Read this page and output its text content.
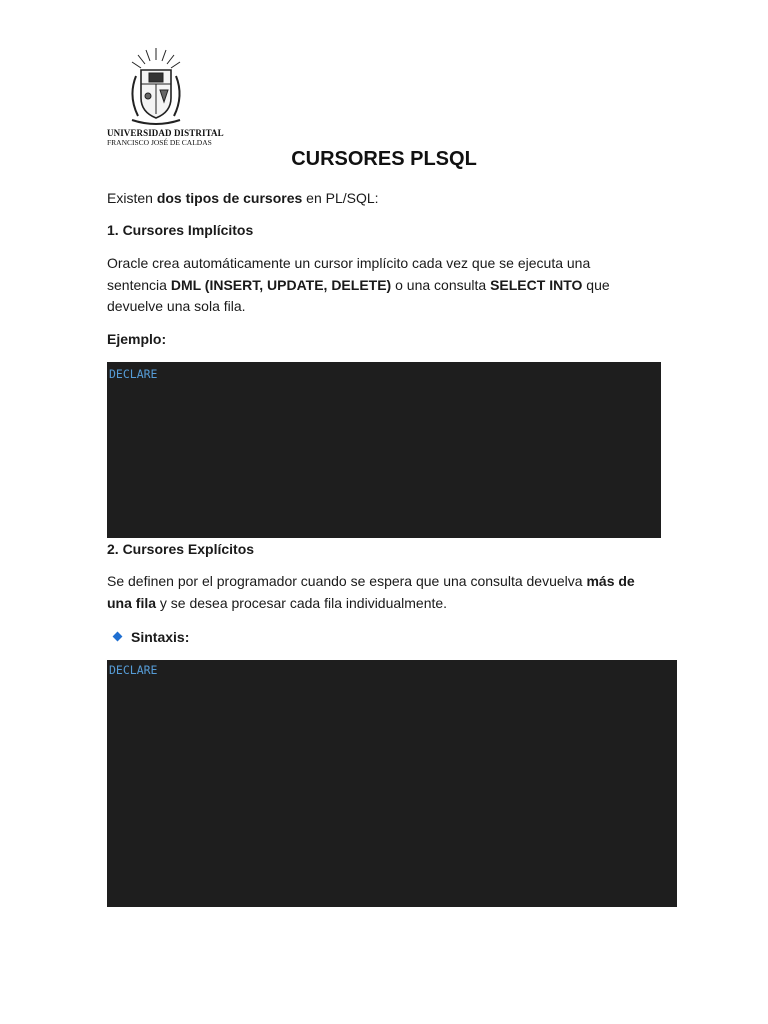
UNIVERSIDAD DISTRITAL
FRANCISCO JOSÉ DE CALDAS
CURSORES PLSQL
Existen dos tipos de cursores en PL/SQL:
1. Cursores Implícitos
Oracle crea automáticamente un cursor implícito cada vez que se ejecuta una sentencia DML (INSERT, UPDATE, DELETE) o una consulta SELECT INTO que devuelve una sola fila.
Ejemplo:
DECLARE

2. Cursores Explícitos
Se definen por el programador cuando se espera que una consulta devuelva más de una fila y se desea procesar cada fila individualmente.
Sintaxis:
DECLARE
